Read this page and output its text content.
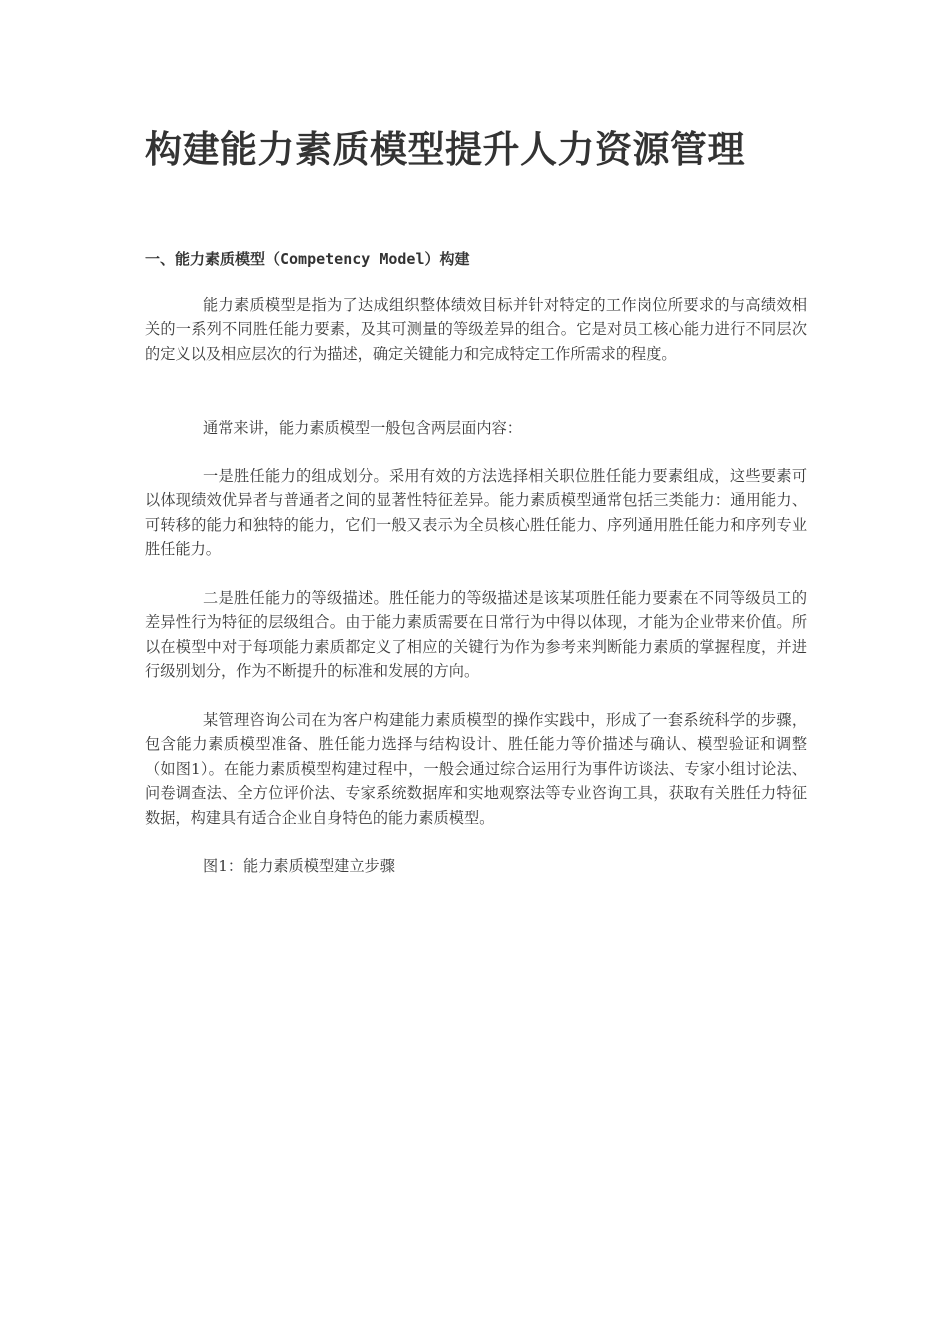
构建能力素质模型提升人力资源管理
一、能力素质模型（Competency Model）构建

能力素质模型是指为了达成组织整体绩效目标并针对特定的工作岗位所要求的与高绩效相关的一系列不同胜任能力要素，及其可测量的等级差异的组合。它是对员工核心能力进行不同层次的定义以及相应层次的行为描述，确定关键能力和完成特定工作所需求的程度。

通常来讲，能力素质模型一般包含两层面内容：

一是胜任能力的组成划分。采用有效的方法选择相关职位胜任能力要素组成，这些要素可以体现绩效优异者与普通者之间的显著性特征差异。能力素质模型通常包括三类能力：通用能力、可转移的能力和独特的能力，它们一般又表示为全员核心胜任能力、序列通用胜任能力和序列专业胜任能力。

二是胜任能力的等级描述。胜任能力的等级描述是该某项胜任能力要素在不同等级员工的差异性行为特征的层级组合。由于能力素质需要在日常行为中得以体现，才能为企业带来价值。所以在模型中对于每项能力素质都定义了相应的关键行为作为参考来判断能力素质的掌握程度，并进行级别划分，作为不断提升的标准和发展的方向。

某管理咨询公司在为客户构建能力素质模型的操作实践中，形成了一套系统科学的步骤，包含能力素质模型准备、胜任能力选择与结构设计、胜任能力等价描述与确认、模型验证和调整（如图1）。在能力素质模型构建过程中，一般会通过综合运用行为事件访谈法、专家小组讨论法、问卷调查法、全方位评价法、专家系统数据库和实地观察法等专业咨询工具，获取有关胜任力特征数据，构建具有适合企业自身特色的能力素质模型。

图1：能力素质模型建立步骤
